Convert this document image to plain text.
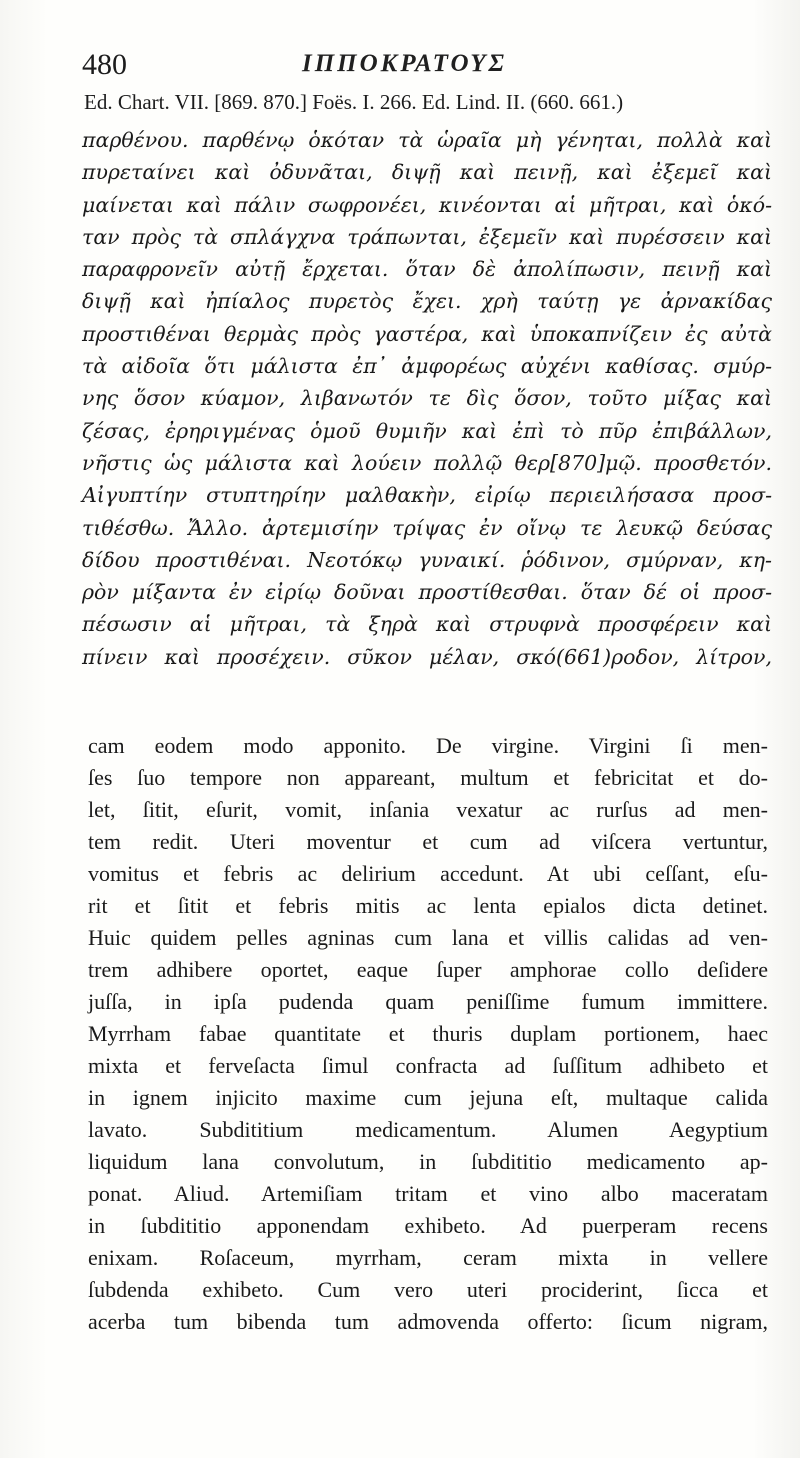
480	ΙΠΠΟΚΡΑΤΟΥΣ
Ed. Chart. VII. [869. 870.] Foës. I. 266. Ed. Lind. II. (660. 661.)
παρθένου. παρθένῳ ὁκόταν τὰ ὡραῖα μὴ γένηται, πολλὰ καὶ
πυρεταίνει καὶ ὀδυνᾶται, διψῇ καὶ πεινῇ, καὶ ἐξεμεῖ καὶ
μαίνεται καὶ πάλιν σωφρονέει, κινέονται αἱ μῆτραι, καὶ ὁκό-
ταν πρὸς τὰ σπλάγχνα τράπωνται, ἐξεμεῖν καὶ πυρέσσειν καὶ
παραφρονεῖν αὐτῇ ἔρχεται. ὅταν δὲ ἀπολίπωσιν, πεινῇ καὶ
διψῇ καὶ ἠπίαλος πυρετὸς ἔχει. χρὴ ταύτῃ γε ἀρνακίδας
προστιθέναι θερμὰς πρὸς γαστέρα, καὶ ὑποκαπνίζειν ἐς αὐτὰ
τὰ αἰδοῖα ὅτι μάλιστα ἐπ᾽ ἀμφορέως αὐχένι καθίσας. σμύρ-
νης ὅσον κύαμον, λιβανωτόν τε δὶς ὅσον, τοῦτο μίξας καὶ
ζέσας, ἐρηριγμένας ὁμοῦ θυμιῆν καὶ ἐπὶ τὸ πῦρ ἐπιβάλλων,
νῆστις ὡς μάλιστα καὶ λούειν πολλῷ θερ[870]μῷ. προσθετόν.
Αἰγυπτίην στυπτηρίην μαλθακὴν, εἰρίῳ περιειλήσασα προσ-
τιθέσθω. Ἄλλο. ἀρτεμισίην τρίψας ἐν οἴνῳ τε λευκῷ δεύσας
δίδου προστιθέναι. Νεοτόκῳ γυναικί. ῥόδινον, σμύρναν, κη-
ρὸν μίξαντα ἐν εἰρίῳ δοῦναι προστίθεσθαι. ὅταν δέ οἱ προσ-
πέσωσιν αἱ μῆτραι, τὰ ξηρὰ καὶ στρυφνὰ προσφέρειν καὶ
πίνειν καὶ προσέχειν. σῦκον μέλαν, σκό(661)ροδον, λίτρον,
cam eodem modo apponito. De virgine. Virgini ſi men-
ſes ſuo tempore non appareant, multum et febricitat et do-
let, ſitit, eſurit, vomit, inſania vexatur ac rurſus ad men-
tem redit. Uteri moventur et cum ad viſcera vertuntur,
vomitus et febris ac delirium accedunt. At ubi ceſſant, eſu-
rit et ſitit et febris mitis ac lenta epialos dicta detinet.
Huic quidem pelles agninas cum lana et villis calidas ad ven-
trem adhibere oportet, eaque ſuper amphorae collo deſidere
juſſa, in ipſa pudenda quam peniſſime fumum immittere.
Myrrham fabae quantitate et thuris duplam portionem, haec
mixta et ferveſacta ſimul confracta ad ſuſſitum adhibeto et
in ignem injicito maxime cum jejuna eſt, multaque calida
lavato. Subdititium medicamentum. Alumen Aegyptium
liquidum lana convolutum, in ſubdititio medicamento ap-
ponat. Aliud. Artemiſiam tritam et vino albo maceratam
in ſubdititio apponendam exhibeto. Ad puerperam recens
enixam. Roſaceum, myrrham, ceram mixta in vellere
ſubdenda exhibeto. Cum vero uteri prociderint, ſicca et
acerba tum bibenda tum admovenda offerto: ſicum nigram,
